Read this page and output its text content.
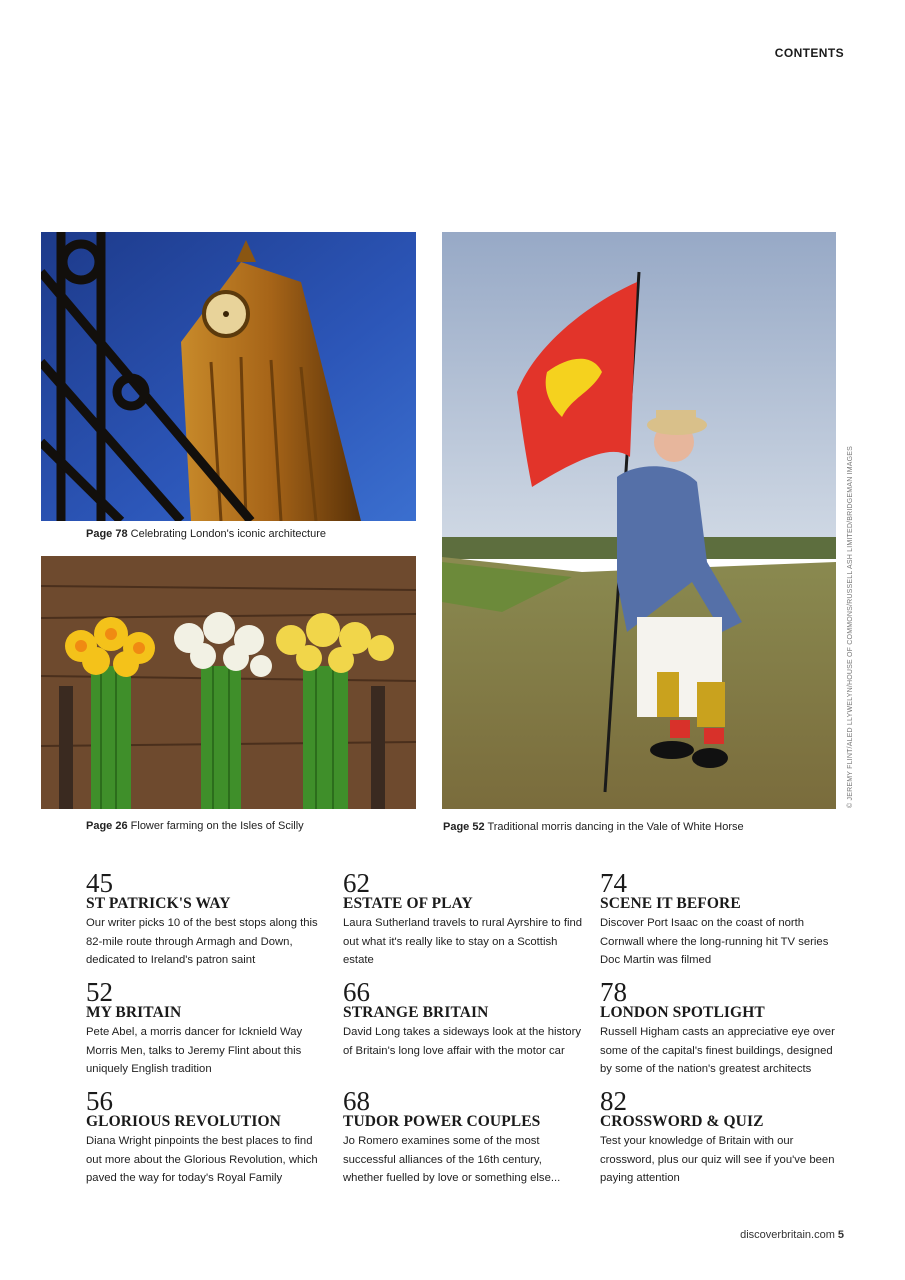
CONTENTS
Page 78 Celebrating London's iconic architecture
Page 26 Flower farming on the Isles of Scilly	Page 52 Traditional morris dancing in the Vale of White Horse
© JEREMY FLINT/ALED LLYWELYN/HOUSE OF COMMONS/RUSSELL ASH LIMITED/BRIDGEMAN IMAGES
45
ST PATRICK'S WAY
Our writer picks 10 of the best stops along this 82-mile route through Armagh and Down, dedicated to Ireland's patron saint
62
ESTATE OF PLAY
Laura Sutherland travels to rural Ayrshire to find out what it's really like to stay on a Scottish estate
74
SCENE IT BEFORE
Discover Port Isaac on the coast of north Cornwall where the long-running hit TV series Doc Martin was filmed
52
MY BRITAIN
Pete Abel, a morris dancer for Icknield Way Morris Men, talks to Jeremy Flint about this uniquely English tradition
66
STRANGE BRITAIN
David Long takes a sideways look at the history of Britain's long love affair with the motor car
78
LONDON SPOTLIGHT
Russell Higham casts an appreciative eye over some of the capital's finest buildings, designed by some of the nation's greatest architects
56
GLORIOUS REVOLUTION
Diana Wright pinpoints the best places to find out more about the Glorious Revolution, which paved the way for today's Royal Family
68
TUDOR POWER COUPLES
Jo Romero examines some of the most successful alliances of the 16th century, whether fuelled by love or something else...
82
CROSSWORD & QUIZ
Test your knowledge of Britain with our crossword, plus our quiz will see if you've been paying attention
discoverbritain.com 5
